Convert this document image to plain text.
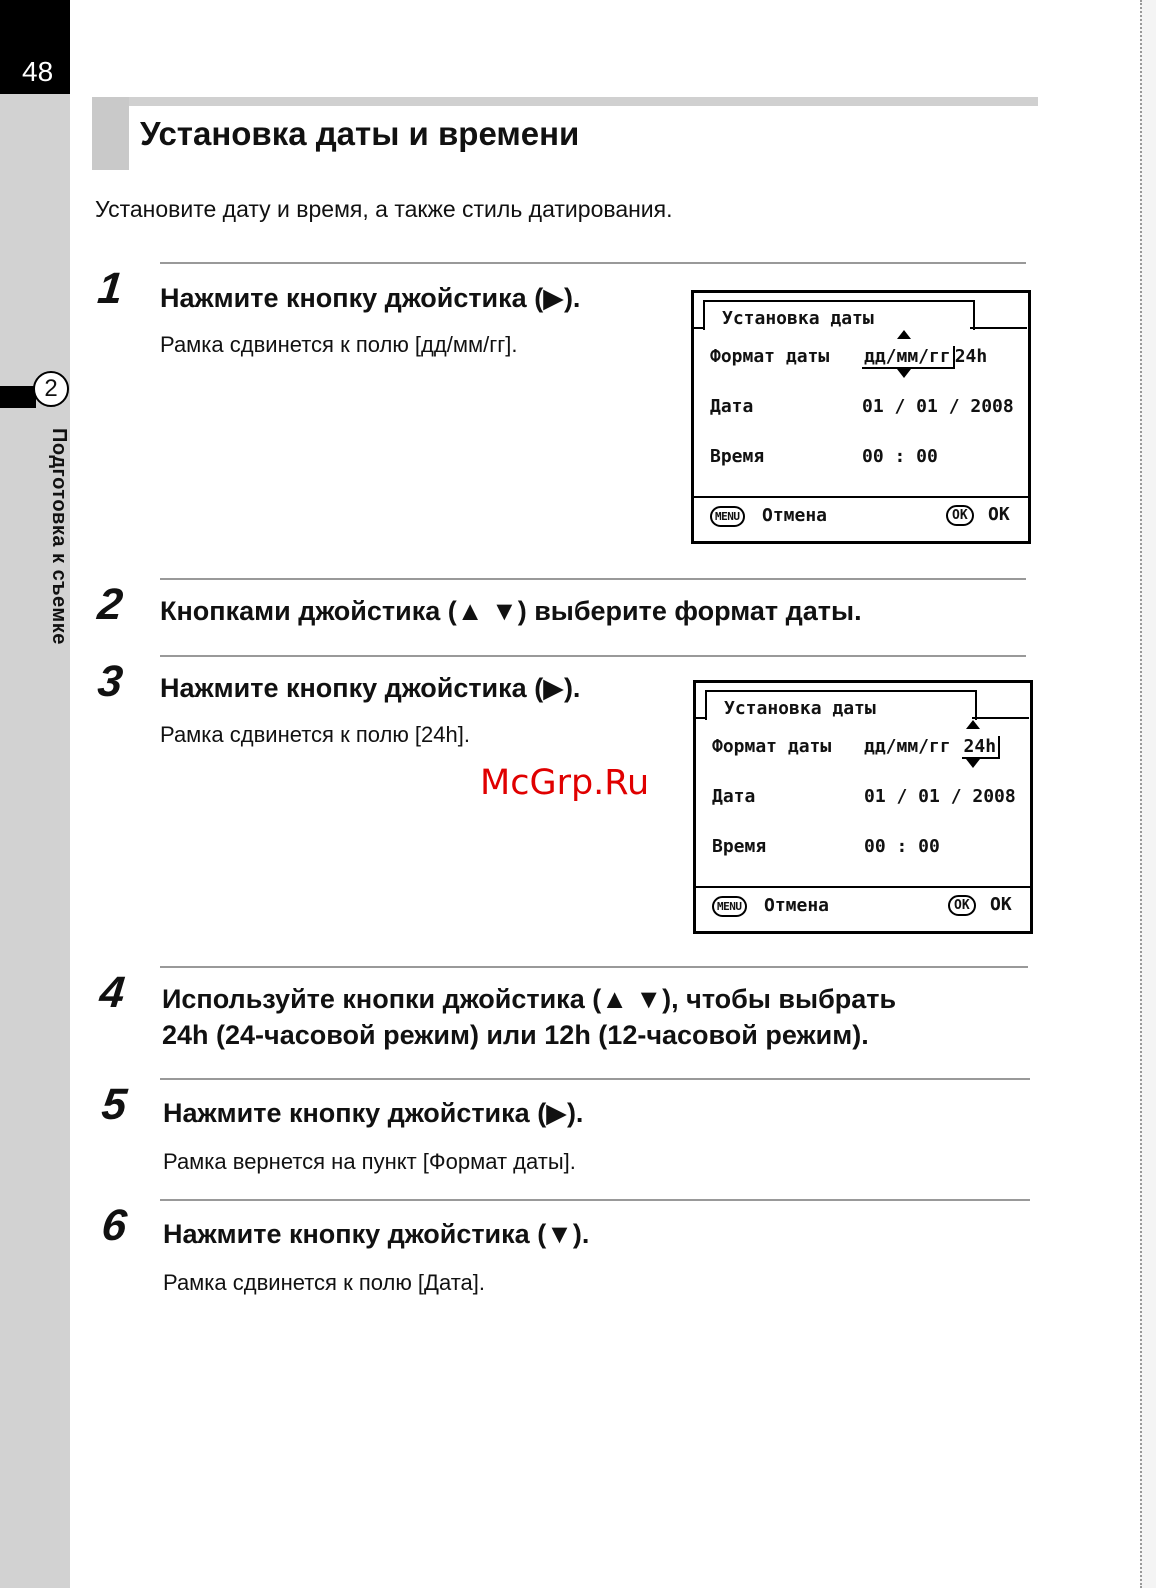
48
2
Подготовка к съемке
Установка даты и времени
Установите дату и время, а также стиль датирования.
1 Нажмите кнопку джойстика (▶).
Рамка сдвинется к полю [дд/мм/гг].
Установка даты
Формат даты дд/мм/гг 24h
Дата	01 / 01 / 2008
Время	00 : 00
MENU Отмена	OK	OK
2 Кнопками джойстика (▲ ▼) выберите формат даты.
3 Нажмите кнопку джойстика (▶).
Рамка сдвинется к полю [24h].
Установка даты
Формат даты дд/мм/гг 24h
Дата	01 / 01 / 2008
Время	00 : 00
MENU Отмена	OK	OK
McGrp.Ru
4 Используйте кнопки джойстика (▲ ▼), чтобы выбрать
24h (24-часовой режим) или 12h (12-часовой режим).
5 Нажмите кнопку джойстика (▶).
Рамка вернется на пункт [Формат даты].
6 Нажмите кнопку джойстика (▼).
Рамка сдвинется к полю [Дата].
